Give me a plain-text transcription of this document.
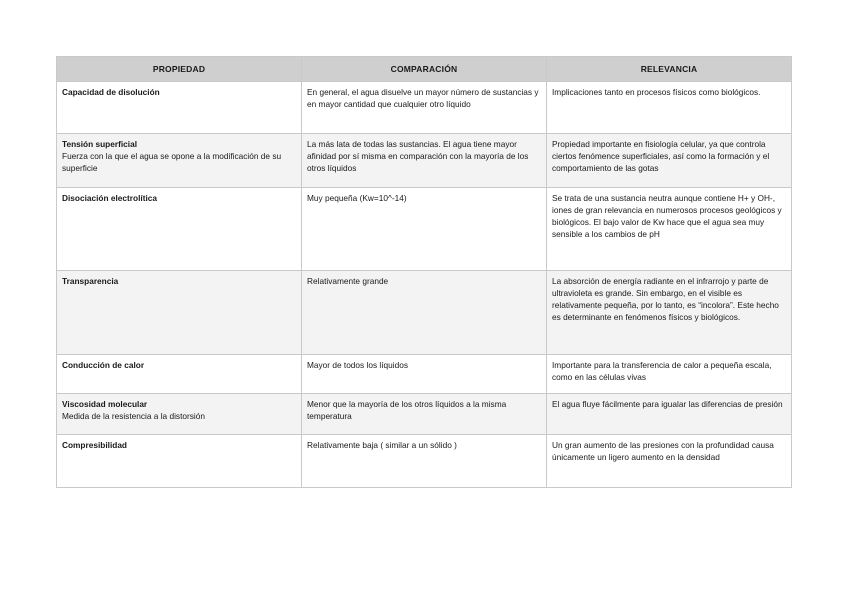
PROPIEDAD	COMPARACIÓN	RELEVANCIA

Capacidad de disolución	En general, el agua disuelve un mayor número de sustancias y en mayor cantidad que cualquier otro líquido	Implicaciones tanto en procesos físicos como biológicos.

Tensión superficial
Fuerza con la que el agua se opone a la modificación de su superficie	La más lata de todas las sustancias. El agua tiene mayor afinidad por sí misma en comparación con la mayoría de los otros líquidos	Propiedad importante en fisiología celular, ya que controla ciertos fenómence superficiales, así como la formación y el comportamiento de las gotas

Disociación electrolítica	Muy pequeña (Kw=10^-14)	Se trata de una sustancia neutra aunque contiene H+ y OH-, iones de gran relevancia en numerosos procesos geológicos y biológicos. El bajo valor de Kw hace que el agua sea muy sensible a los cambios de pH

Transparencia	Relativamente grande	La absorción de energía radiante en el infrarrojo y parte de ultravioleta es grande. Sin embargo, en el visible es relativamente pequeña, por lo tanto, es “incolora”. Este hecho es determinante en fenómenos físicos y biológicos.

Conducción de calor	Mayor de todos los líquidos	Importante para la transferencia de calor a pequeña escala, como en las células vivas

Viscosidad molecular
Medida de la resistencia a la distorsión	Menor que la mayoría de los otros líquidos a la misma temperatura	El agua fluye fácilmente para igualar las diferencias de presión

Compresibilidad	Relativamente baja ( similar a un sólido )	Un gran aumento de las presiones con la profundidad causa únicamente un ligero aumento en la densidad
